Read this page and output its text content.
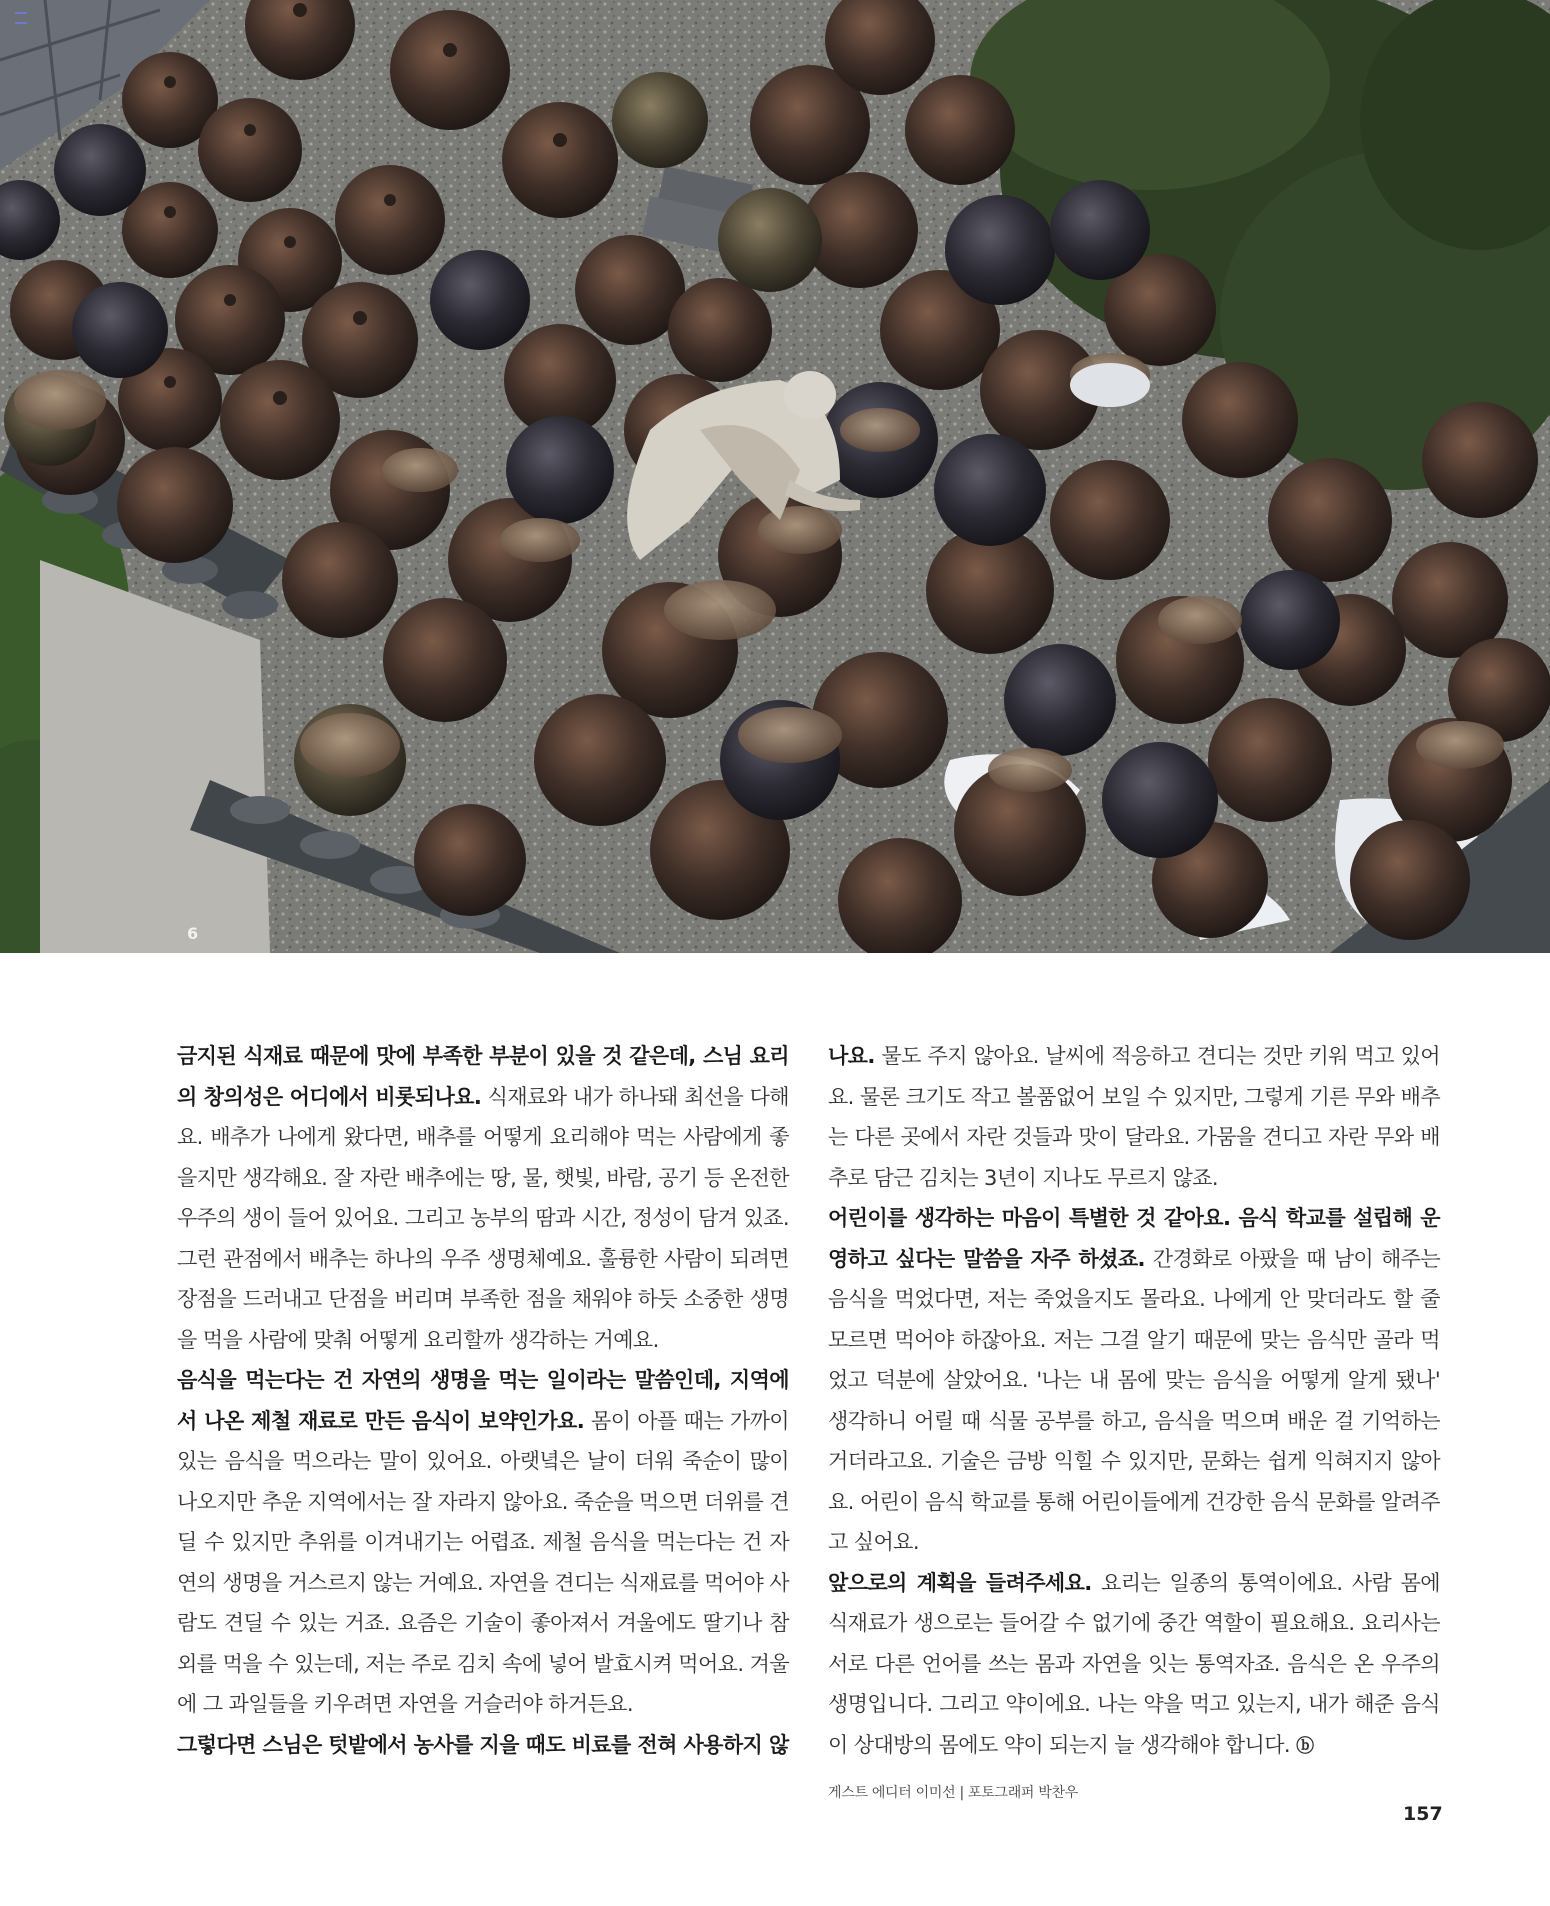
6

금지된 식재료 때문에 맛에 부족한 부분이 있을 것 같은데, 스님 요리의 창의성은 어디에서 비롯되나요. 식재료와 내가 하나돼 최선을 다해요. 배추가 나에게 왔다면, 배추를 어떻게 요리해야 먹는 사람에게 좋을지만 생각해요. 잘 자란 배추에는 땅, 물, 햇빛, 바람, 공기 등 온전한 우주의 생이 들어 있어요. 그리고 농부의 땀과 시간, 정성이 담겨 있죠. 그런 관점에서 배추는 하나의 우주 생명체예요. 훌륭한 사람이 되려면 장점을 드러내고 단점을 버리며 부족한 점을 채워야 하듯 소중한 생명을 먹을 사람에 맞춰 어떻게 요리할까 생각하는 거예요.

음식을 먹는다는 건 자연의 생명을 먹는 일이라는 말씀인데, 지역에서 나온 제철 재료로 만든 음식이 보약인가요. 몸이 아플 때는 가까이 있는 음식을 먹으라는 말이 있어요. 아랫녘은 날이 더워 죽순이 많이 나오지만 추운 지역에서는 잘 자라지 않아요. 죽순을 먹으면 더위를 견딜 수 있지만 추위를 이겨내기는 어렵죠. 제철 음식을 먹는다는 건 자연의 생명을 거스르지 않는 거예요. 자연을 견디는 식재료를 먹어야 사람도 견딜 수 있는 거죠. 요즘은 기술이 좋아져서 겨울에도 딸기나 참외를 먹을 수 있는데, 저는 주로 김치 속에 넣어 발효시켜 먹어요. 겨울에 그 과일들을 키우려면 자연을 거슬러야 하거든요.

그렇다면 스님은 텃밭에서 농사를 지을 때도 비료를 전혀 사용하지 않

나요. 물도 주지 않아요. 날씨에 적응하고 견디는 것만 키워 먹고 있어요. 물론 크기도 작고 볼품없어 보일 수 있지만, 그렇게 기른 무와 배추는 다른 곳에서 자란 것들과 맛이 달라요. 가뭄을 견디고 자란 무와 배추로 담근 김치는 3년이 지나도 무르지 않죠.

어린이를 생각하는 마음이 특별한 것 같아요. 음식 학교를 설립해 운영하고 싶다는 말씀을 자주 하셨죠. 간경화로 아팠을 때 남이 해주는 음식을 먹었다면, 저는 죽었을지도 몰라요. 나에게 안 맞더라도 할 줄 모르면 먹어야 하잖아요. 저는 그걸 알기 때문에 맞는 음식만 골라 먹었고 덕분에 살았어요. '나는 내 몸에 맞는 음식을 어떻게 알게 됐나' 생각하니 어릴 때 식물 공부를 하고, 음식을 먹으며 배운 걸 기억하는 거더라고요. 기술은 금방 익힐 수 있지만, 문화는 쉽게 익혀지지 않아요. 어린이 음식 학교를 통해 어린이들에게 건강한 음식 문화를 알려주고 싶어요.

앞으로의 계획을 들려주세요. 요리는 일종의 통역이에요. 사람 몸에 식재료가 생으로는 들어갈 수 없기에 중간 역할이 필요해요. 요리사는 서로 다른 언어를 쓰는 몸과 자연을 잇는 통역자죠. 음식은 온 우주의 생명입니다. 그리고 약이에요. 나는 약을 먹고 있는지, 내가 해준 음식이 상대방의 몸에도 약이 되는지 늘 생각해야 합니다. ⓑ

게스트 에디터 이미선 | 포토그래퍼 박찬우

157
